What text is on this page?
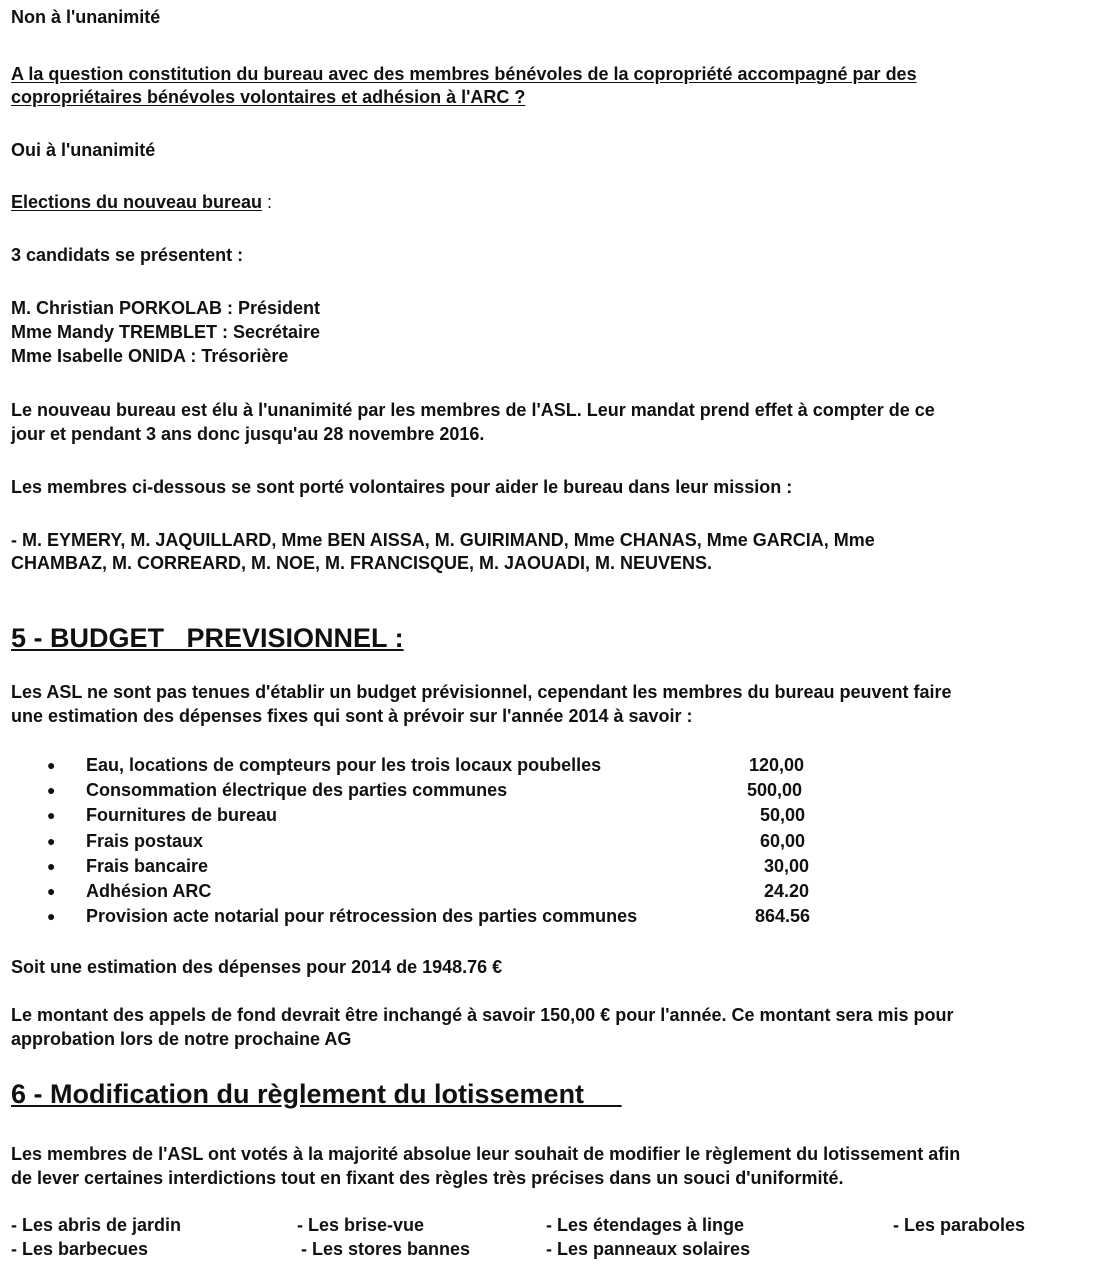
Non à l'unanimité

A la question constitution du bureau avec des membres bénévoles de la copropriété accompagné par des

copropriétaires bénévoles volontaires et adhésion à l'ARC ?

Oui à l'unanimité

Elections du nouveau bureau :

3 candidats se présentent :

M. Christian PORKOLAB : Président

Mme Mandy TREMBLET : Secrétaire

Mme Isabelle ONIDA : Trésorière

Le nouveau bureau est élu à l'unanimité par les membres de l'ASL. Leur mandat prend effet à compter de ce

jour et pendant 3 ans donc jusqu'au 28 novembre 2016.

Les membres ci-dessous se sont porté volontaires pour aider le bureau dans leur mission :

- M. EYMERY, M. JAQUILLARD, Mme BEN AISSA, M. GUIRIMAND, Mme CHANAS, Mme GARCIA, Mme

CHAMBAZ, M. CORREARD, M. NOE, M. FRANCISQUE, M. JAOUADI, M. NEUVENS.

5 - BUDGET   PREVISIONNEL :

Les ASL ne sont pas tenues d'établir un budget prévisionnel, cependant les membres du bureau peuvent faire

une estimation des dépenses fixes qui sont à prévoir sur l'année 2014 à savoir :

● Eau, locations de compteurs pour les trois locaux poubelles	120,00
● Consommation électrique des parties communes	500,00
● Fournitures de bureau	50,00
● Frais postaux	60,00
● Frais bancaire	30,00
● Adhésion ARC	24.20
● Provision acte notarial pour rétrocession des parties communes	864.56

Soit une estimation des dépenses pour 2014 de 1948.76 €

Le montant des appels de fond devrait être inchangé à savoir 150,00 € pour l'année. Ce montant sera mis pour

approbation lors de notre prochaine AG

6 - Modification du règlement du lotissement

Les membres de l'ASL ont votés à la majorité absolue leur souhait de modifier le règlement du lotissement afin

de lever certaines interdictions tout en fixant des règles très précises dans un souci d'uniformité.

- Les abris de jardin	- Les brise-vue	- Les étendages à linge	- Les paraboles
- Les barbecues	- Les stores bannes	- Les panneaux solaires
